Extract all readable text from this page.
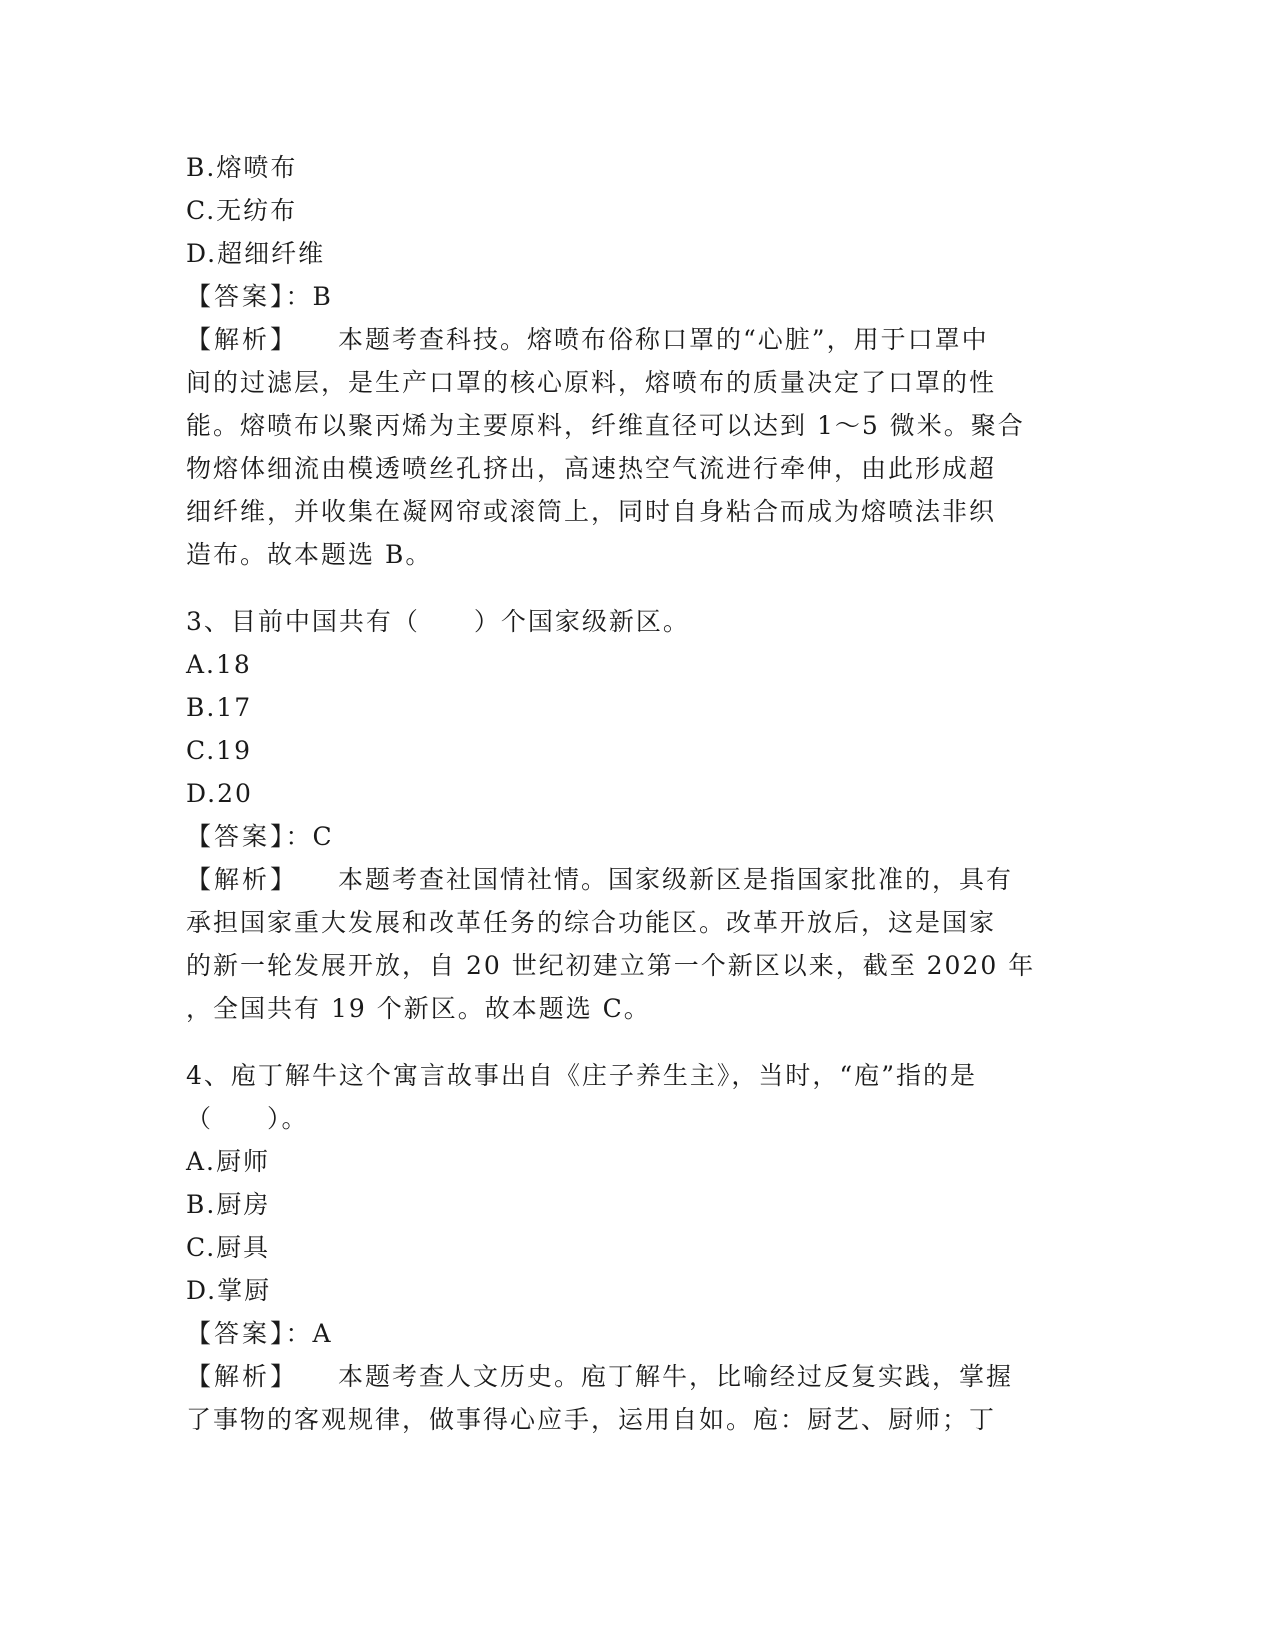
B.熔喷布
C.无纺布
D.超细纤维
【答案】：B
【解析】 本题考查科技。熔喷布俗称口罩的“心脏”，用于口罩中
间的过滤层，是生产口罩的核心原料，熔喷布的质量决定了口罩的性
能。熔喷布以聚丙烯为主要原料，纤维直径可以达到 1～5 微米。聚合
物熔体细流由模透喷丝孔挤出，高速热空气流进行牵伸，由此形成超
细纤维，并收集在凝网帘或滚筒上，同时自身粘合而成为熔喷法非织
造布。故本题选 B。
3、目前中国共有（　　）个国家级新区。
A.18
B.17
C.19
D.20
【答案】：C
【解析】 本题考查社国情社情。国家级新区是指国家批准的，具有
承担国家重大发展和改革任务的综合功能区。改革开放后，这是国家
的新一轮发展开放，自 20 世纪初建立第一个新区以来，截至 2020 年
，全国共有 19 个新区。故本题选 C。
4、庖丁解牛这个寓言故事出自《庄子养生主》，当时，“庖”指的是
（　　）。
A.厨师
B.厨房
C.厨具
D.掌厨
【答案】：A
【解析】 本题考查人文历史。庖丁解牛，比喻经过反复实践，掌握
了事物的客观规律，做事得心应手，运用自如。庖：厨艺、厨师；丁
